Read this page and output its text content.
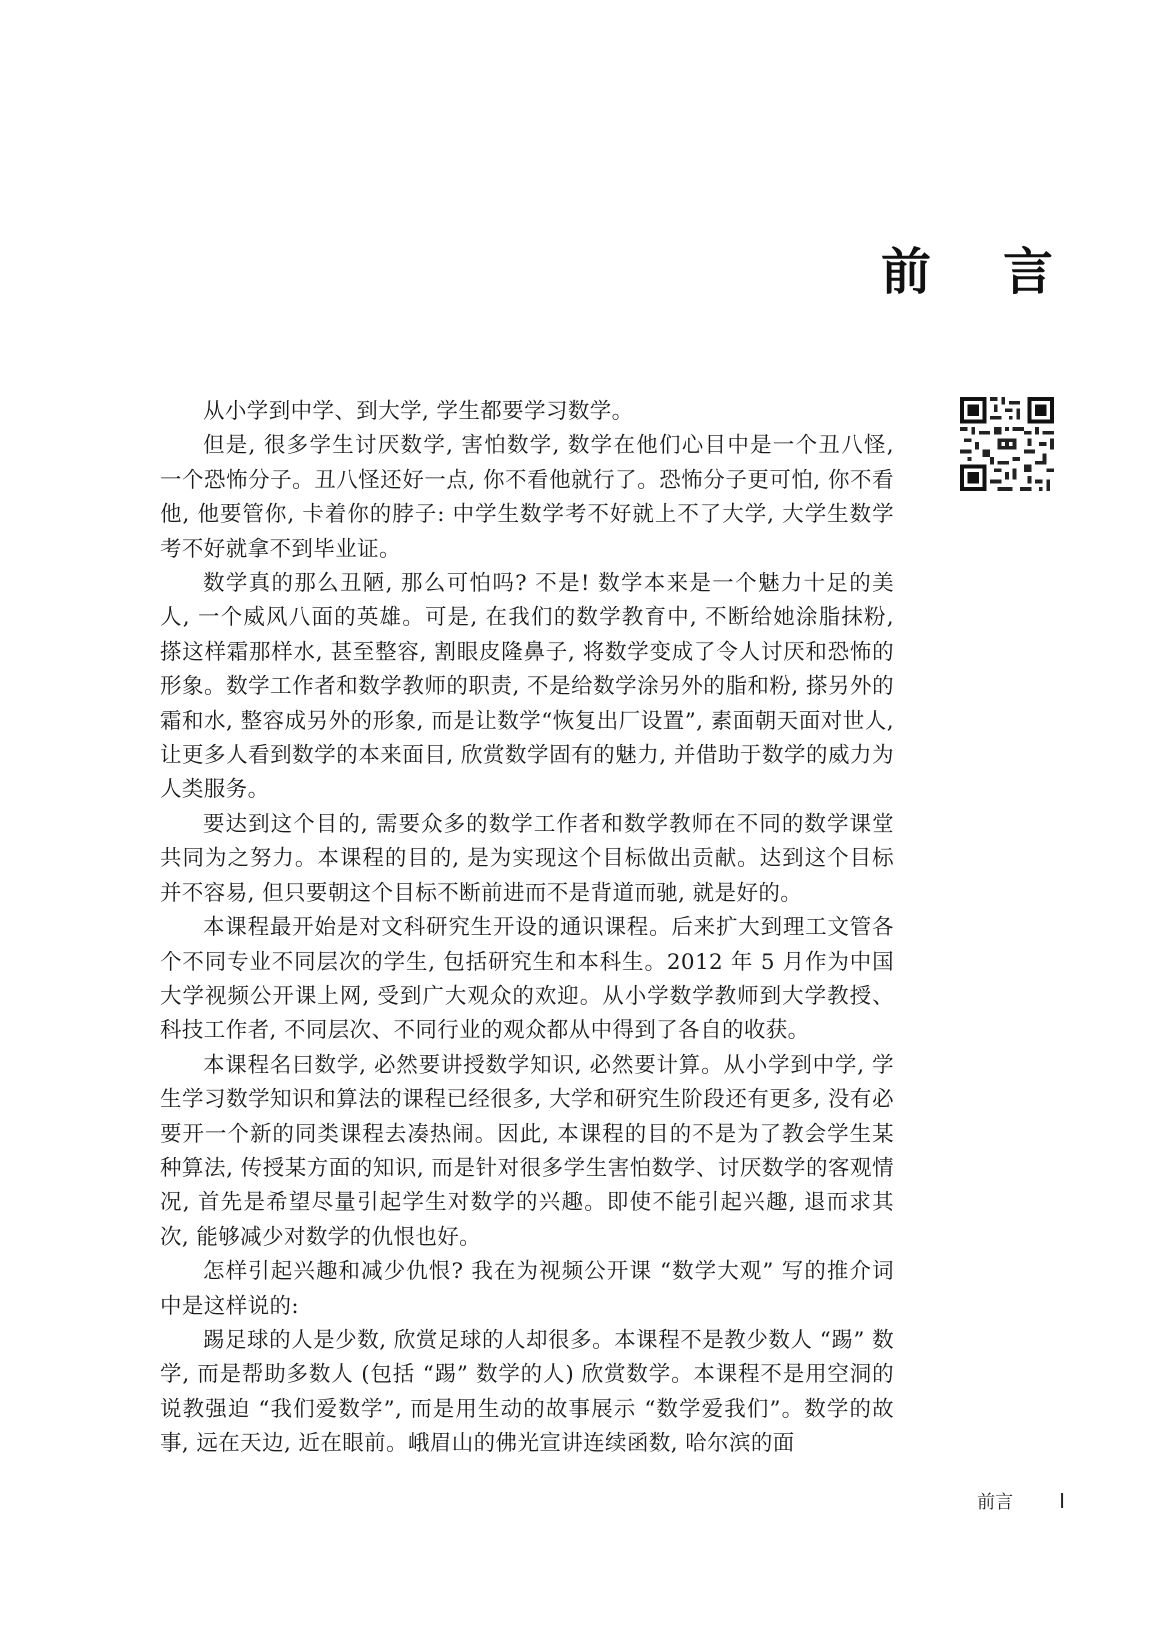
前言

从小学到中学、到大学, 学生都要学习数学。

但是, 很多学生讨厌数学, 害怕数学, 数学在他们心目中是一个丑八怪, 一个恐怖分子。丑八怪还好一点, 你不看他就行了。恐怖分子更可怕, 你不看他, 他要管你, 卡着你的脖子: 中学生数学考不好就上不了大学, 大学生数学考不好就拿不到毕业证。

数学真的那么丑陋, 那么可怕吗? 不是! 数学本来是一个魅力十足的美人, 一个威风八面的英雄。可是, 在我们的数学教育中, 不断给她涂脂抹粉, 搽这样霜那样水, 甚至整容, 割眼皮隆鼻子, 将数学变成了令人讨厌和恐怖的形象。数学工作者和数学教师的职责, 不是给数学涂另外的脂和粉, 搽另外的霜和水, 整容成另外的形象, 而是让数学“恢复出厂设置”, 素面朝天面对世人, 让更多人看到数学的本来面目, 欣赏数学固有的魅力, 并借助于数学的威力为人类服务。

要达到这个目的, 需要众多的数学工作者和数学教师在不同的数学课堂共同为之努力。本课程的目的, 是为实现这个目标做出贡献。达到这个目标并不容易, 但只要朝这个目标不断前进而不是背道而驰, 就是好的。

本课程最开始是对文科研究生开设的通识课程。后来扩大到理工文管各个不同专业不同层次的学生, 包括研究生和本科生。2012 年 5 月作为中国大学视频公开课上网, 受到广大观众的欢迎。从小学数学教师到大学教授、科技工作者, 不同层次、不同行业的观众都从中得到了各自的收获。

本课程名曰数学, 必然要讲授数学知识, 必然要计算。从小学到中学, 学生学习数学知识和算法的课程已经很多, 大学和研究生阶段还有更多, 没有必要开一个新的同类课程去凑热闹。因此, 本课程的目的不是为了教会学生某种算法, 传授某方面的知识, 而是针对很多学生害怕数学、讨厌数学的客观情况, 首先是希望尽量引起学生对数学的兴趣。即使不能引起兴趣, 退而求其次, 能够减少对数学的仇恨也好。

怎样引起兴趣和减少仇恨? 我在为视频公开课 “数学大观” 写的推介词中是这样说的:

踢足球的人是少数, 欣赏足球的人却很多。本课程不是教少数人 “踢” 数学, 而是帮助多数人 (包括 “踢” 数学的人) 欣赏数学。本课程不是用空洞的说教强迫 “我们爱数学”, 而是用生动的故事展示 “数学爱我们”。数学的故事, 远在天边, 近在眼前。峨眉山的佛光宣讲连续函数, 哈尔滨的面

前言 I
